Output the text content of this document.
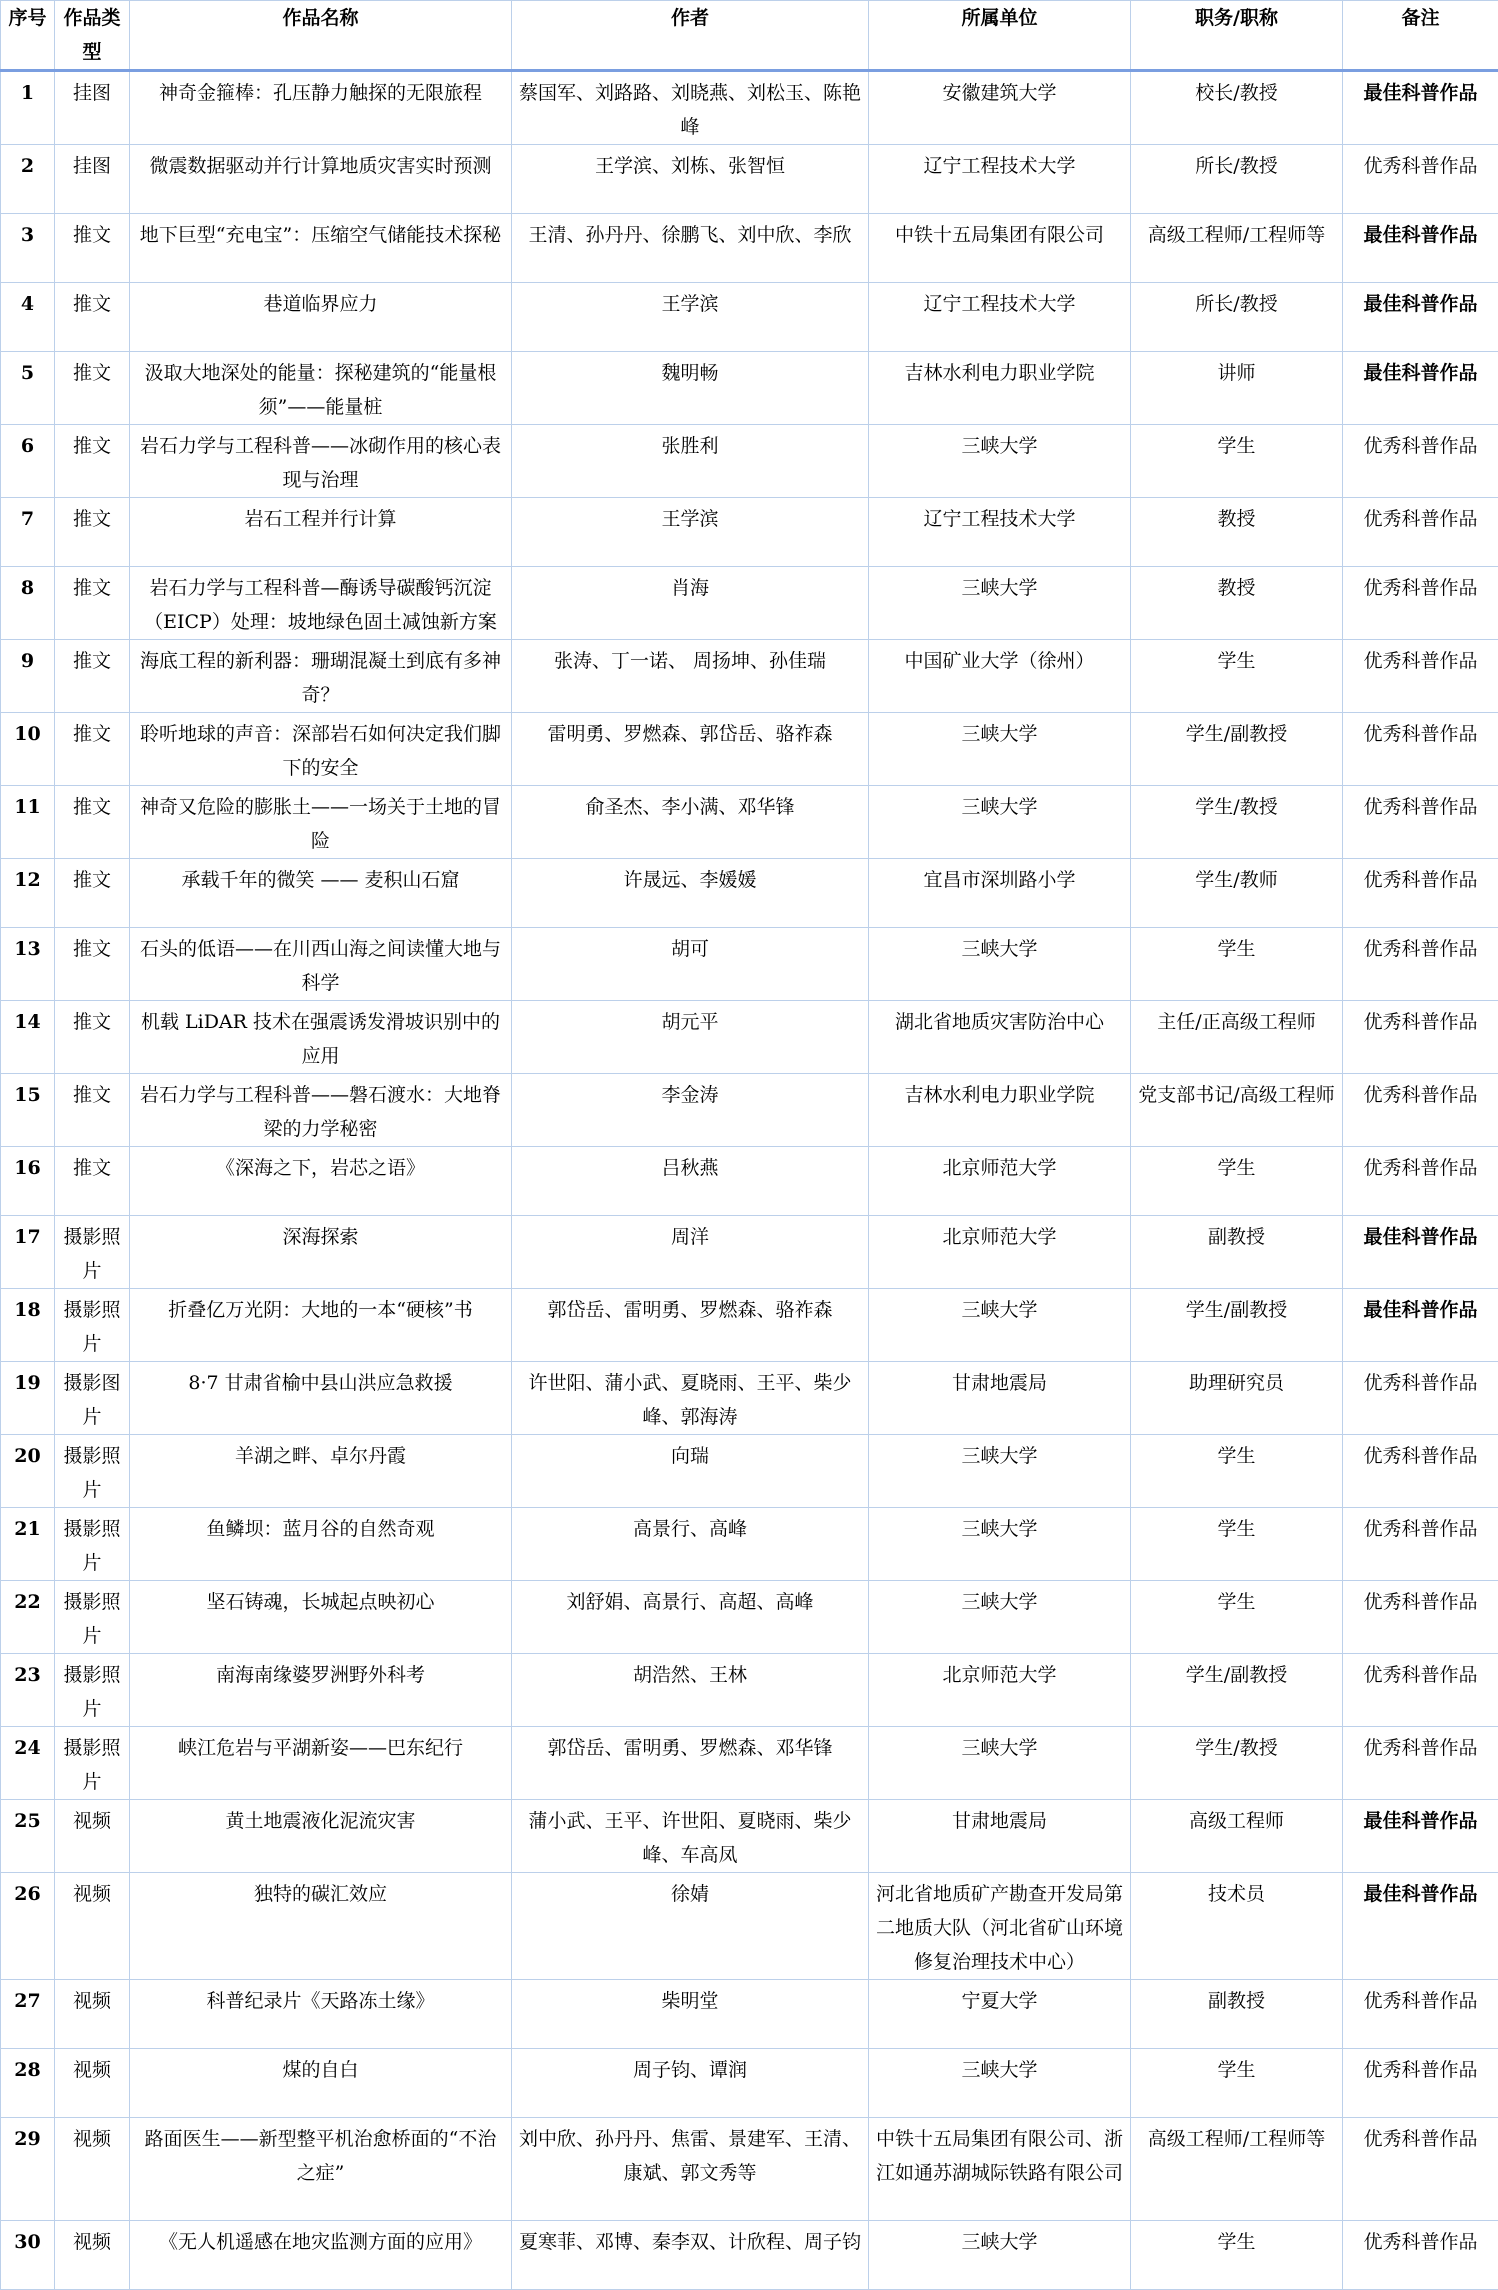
序号	作品类型	作品名称	作者	所属单位	职务/职称	备注
1	挂图	神奇金箍棒：孔压静力触探的无限旅程	蔡国军、刘路路、刘晓燕、刘松玉、陈艳峰	安徽建筑大学	校长/教授	最佳科普作品
2	挂图	微震数据驱动并行计算地质灾害实时预测	王学滨、刘栋、张智恒	辽宁工程技术大学	所长/教授	优秀科普作品
3	推文	地下巨型“充电宝”：压缩空气储能技术探秘	王清、孙丹丹、徐鹏飞、刘中欣、李欣	中铁十五局集团有限公司	高级工程师/工程师等	最佳科普作品
4	推文	巷道临界应力	王学滨	辽宁工程技术大学	所长/教授	最佳科普作品
5	推文	汲取大地深处的能量：探秘建筑的“能量根须”——能量桩	魏明畅	吉林水利电力职业学院	讲师	最佳科普作品
6	推文	岩石力学与工程科普——冰砌作用的核心表现与治理	张胜利	三峡大学	学生	优秀科普作品
7	推文	岩石工程并行计算	王学滨	辽宁工程技术大学	教授	优秀科普作品
8	推文	岩石力学与工程科普—酶诱导碳酸钙沉淀（EICP）处理：坡地绿色固土减蚀新方案	肖海	三峡大学	教授	优秀科普作品
9	推文	海底工程的新利器：珊瑚混凝土到底有多神奇？	张涛、丁一诺、 周扬坤、孙佳瑞	中国矿业大学（徐州）	学生	优秀科普作品
10	推文	聆听地球的声音：深部岩石如何决定我们脚下的安全	雷明勇、罗燃森、郭岱岳、骆祚森	三峡大学	学生/副教授	优秀科普作品
11	推文	神奇又危险的膨胀土——一场关于土地的冒险	俞圣杰、李小满、邓华锋	三峡大学	学生/教授	优秀科普作品
12	推文	承载千年的微笑 —— 麦积山石窟	许晟远、李媛媛	宜昌市深圳路小学	学生/教师	优秀科普作品
13	推文	石头的低语——在川西山海之间读懂大地与科学	胡可	三峡大学	学生	优秀科普作品
14	推文	机载 LiDAR 技术在强震诱发滑坡识别中的应用	胡元平	湖北省地质灾害防治中心	主任/正高级工程师	优秀科普作品
15	推文	岩石力学与工程科普——磐石渡水：大地脊梁的力学秘密	李金涛	吉林水利电力职业学院	党支部书记/高级工程师	优秀科普作品
16	推文	《深海之下，岩芯之语》	吕秋燕	北京师范大学	学生	优秀科普作品
17	摄影照片	深海探索	周洋	北京师范大学	副教授	最佳科普作品
18	摄影照片	折叠亿万光阴：大地的一本“硬核”书	郭岱岳、雷明勇、罗燃森、骆祚森	三峡大学	学生/副教授	最佳科普作品
19	摄影图片	8·7 甘肃省榆中县山洪应急救援	许世阳、蒲小武、夏晓雨、王平、柴少峰、郭海涛	甘肃地震局	助理研究员	优秀科普作品
20	摄影照片	羊湖之畔、卓尔丹霞	向瑞	三峡大学	学生	优秀科普作品
21	摄影照片	鱼鳞坝：蓝月谷的自然奇观	高景行、高峰	三峡大学	学生	优秀科普作品
22	摄影照片	坚石铸魂，长城起点映初心	刘舒娟、高景行、高超、高峰	三峡大学	学生	优秀科普作品
23	摄影照片	南海南缘婆罗洲野外科考	胡浩然、王林	北京师范大学	学生/副教授	优秀科普作品
24	摄影照片	峡江危岩与平湖新姿——巴东纪行	郭岱岳、雷明勇、罗燃森、邓华锋	三峡大学	学生/教授	优秀科普作品
25	视频	黄土地震液化泥流灾害	蒲小武、王平、许世阳、夏晓雨、柴少峰、车高凤	甘肃地震局	高级工程师	最佳科普作品
26	视频	独特的碳汇效应	徐婧	河北省地质矿产勘查开发局第二地质大队（河北省矿山环境修复治理技术中心）	技术员	最佳科普作品
27	视频	科普纪录片《天路冻土缘》	柴明堂	宁夏大学	副教授	优秀科普作品
28	视频	煤的自白	周子钧、谭润	三峡大学	学生	优秀科普作品
29	视频	路面医生——新型整平机治愈桥面的“不治之症”	刘中欣、孙丹丹、焦雷、景建军、王清、康斌、郭文秀等	中铁十五局集团有限公司、浙江如通苏湖城际铁路有限公司	高级工程师/工程师等	优秀科普作品
30	视频	《无人机遥感在地灾监测方面的应用》	夏寒菲、邓博、秦李双、计欣程、周子钧	三峡大学	学生	优秀科普作品
